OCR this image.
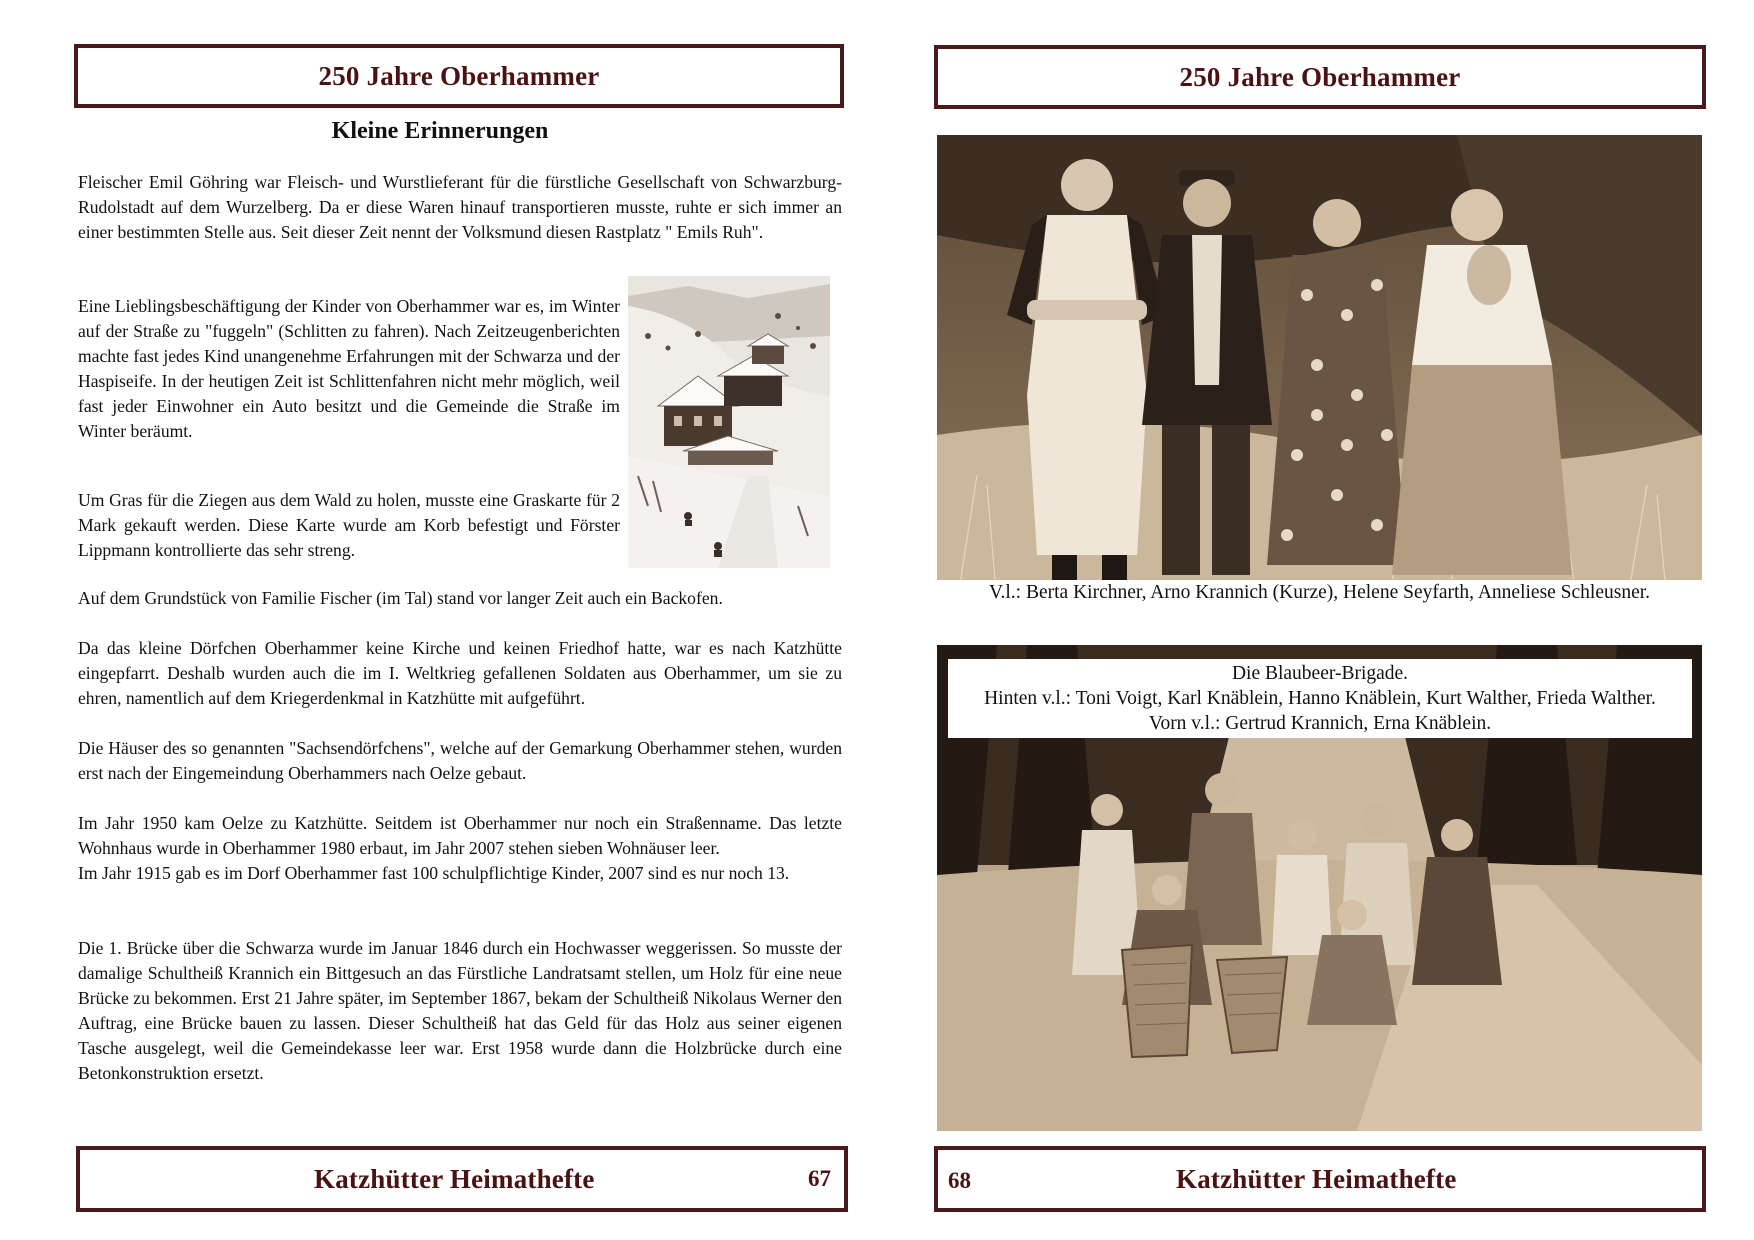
250 Jahre Oberhammer
Kleine Erinnerungen

Fleischer Emil Göhring war Fleisch- und Wurstlieferant für die fürstliche Gesellschaft von Schwarzburg-Rudolstadt auf dem Wurzelberg. Da er diese Waren hinauf transportieren musste, ruhte er sich immer an einer bestimmten Stelle aus. Seit dieser Zeit nennt der Volksmund diesen Rastplatz " Emils Ruh".

Eine Lieblingsbeschäftigung der Kinder von Oberhammer war es, im Winter auf der Straße zu "fuggeln" (Schlitten zu fahren). Nach Zeitzeugenberichten machte fast jedes Kind unangenehme Erfahrungen mit der Schwarza und der Haspiseife. In der heutigen Zeit ist Schlittenfahren nicht mehr möglich, weil fast jeder Einwohner ein Auto besitzt und die Gemeinde die Straße im Winter beräumt.

Um Gras für die Ziegen aus dem Wald zu holen, musste eine Graskarte für 2 Mark gekauft werden. Diese Karte wurde am Korb befestigt und Förster Lippmann kontrollierte das sehr streng.

Auf dem Grundstück von Familie Fischer (im Tal) stand vor langer Zeit auch ein Backofen.

Da das kleine Dörfchen Oberhammer keine Kirche und keinen Friedhof hatte, war es nach Katzhütte eingepfarrt. Deshalb wurden auch die im I. Weltkrieg gefallenen Soldaten aus Oberhammer, um sie zu ehren, namentlich auf dem Kriegerdenkmal in Katzhütte mit aufgeführt.

Die Häuser des so genannten "Sachsendörfchens", welche auf der Gemarkung Oberhammer stehen, wurden erst nach der Eingemeindung Oberhammers nach Oelze gebaut.

Im Jahr 1950 kam Oelze zu Katzhütte. Seitdem ist Oberhammer nur noch ein Straßenname. Das letzte Wohnhaus wurde in Oberhammer 1980 erbaut, im Jahr 2007 stehen sieben Wohnäuser leer.

Im Jahr 1915 gab es im Dorf Oberhammer fast 100 schulpflichtige Kinder, 2007 sind es nur noch 13.

Die 1. Brücke über die Schwarza wurde im Januar 1846 durch ein Hochwasser weggerissen. So musste der damalige Schultheiß Krannich ein Bittgesuch an das Fürstliche Landratsamt stellen, um Holz für eine neue Brücke zu bekommen. Erst 21 Jahre später, im September 1867, bekam der Schultheiß Nikolaus Werner den Auftrag, eine Brücke bauen zu lassen. Dieser Schultheiß hat das Geld für das Holz aus seiner eigenen Tasche ausgelegt, weil die Gemeindekasse leer war. Erst 1958 wurde dann die Holzbrücke durch eine Betonkonstruktion ersetzt.

Katzhütter Heimathefte	67
250 Jahre Oberhammer
V.l.: Berta Kirchner, Arno Krannich (Kurze), Helene Seyfarth, Anneliese Schleusner.
Die Blaubeer-Brigade.
Hinten v.l.: Toni Voigt, Karl Knäblein, Hanno Knäblein, Kurt Walther, Frieda Walther.
Vorn v.l.: Gertrud Krannich, Erna Knäblein.
Katzhütter Heimathefte
68
